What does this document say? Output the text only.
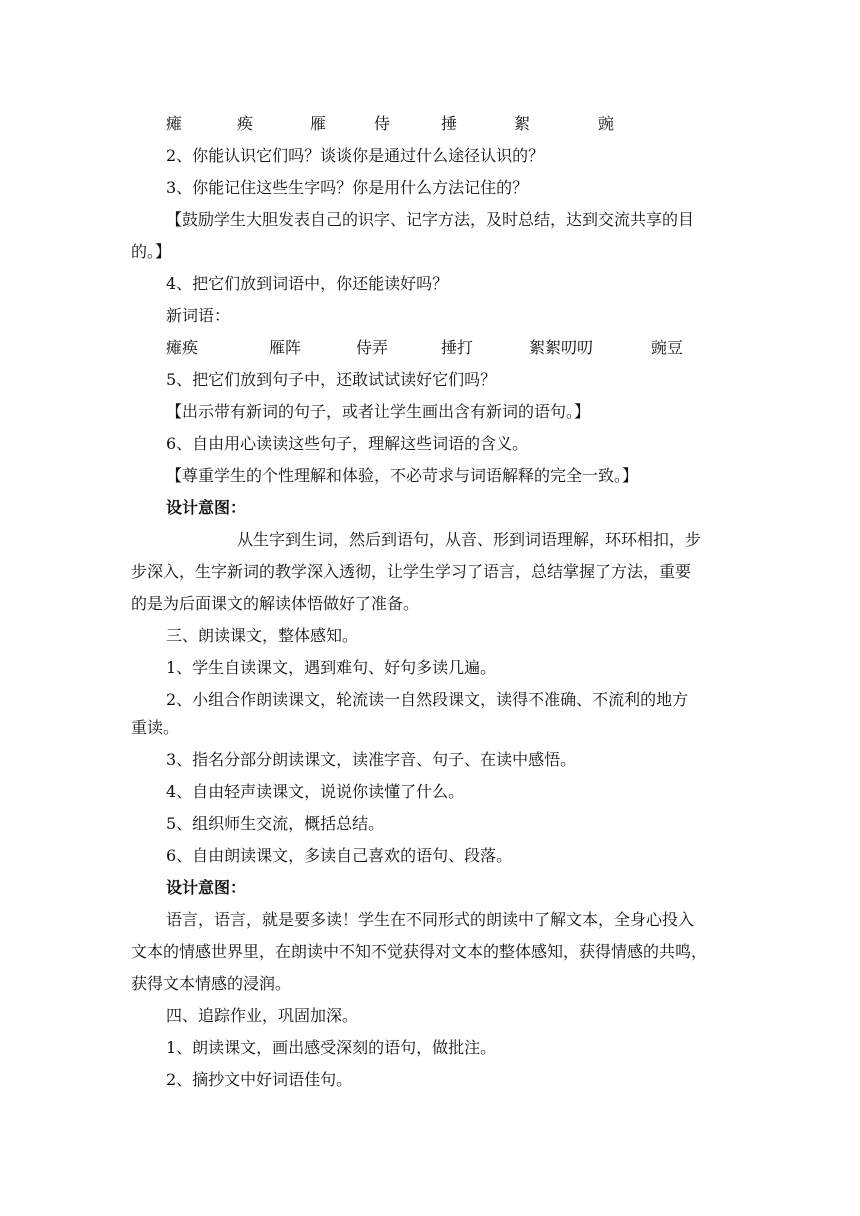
瘫	痪	雁	侍	捶	絮	豌
2、你能认识它们吗？谈谈你是通过什么途径认识的？
3、你能记住这些生字吗？你是用什么方法记住的？
【鼓励学生大胆发表自己的识字、记字方法，及时总结，达到交流共享的目
的。】
4、把它们放到词语中，你还能读好吗？
新词语：
瘫痪	雁阵	侍弄	捶打	絮絮叨叨	豌豆
5、把它们放到句子中，还敢试试读好它们吗？
【出示带有新词的句子，或者让学生画出含有新词的语句。】
6、自由用心读读这些句子，理解这些词语的含义。
【尊重学生的个性理解和体验，不必苛求与词语解释的完全一致。】
设计意图：
从生字到生词，然后到语句，从音、形到词语理解，环环相扣，步
步深入，生字新词的教学深入透彻，让学生学习了语言，总结掌握了方法，重要
的是为后面课文的解读体悟做好了准备。
三、朗读课文，整体感知。
1、学生自读课文，遇到难句、好句多读几遍。
2、小组合作朗读课文，轮流读一自然段课文，读得不准确、不流利的地方
重读。
3、指名分部分朗读课文，读准字音、句子、在读中感悟。
4、自由轻声读课文，说说你读懂了什么。
5、组织师生交流，概括总结。
6、自由朗读课文，多读自己喜欢的语句、段落。
设计意图：
语言，语言，就是要多读！学生在不同形式的朗读中了解文本，全身心投入
文本的情感世界里，在朗读中不知不觉获得对文本的整体感知，获得情感的共鸣，
获得文本情感的浸润。
四、追踪作业，巩固加深。
1、朗读课文，画出感受深刻的语句，做批注。
2、摘抄文中好词语佳句。
